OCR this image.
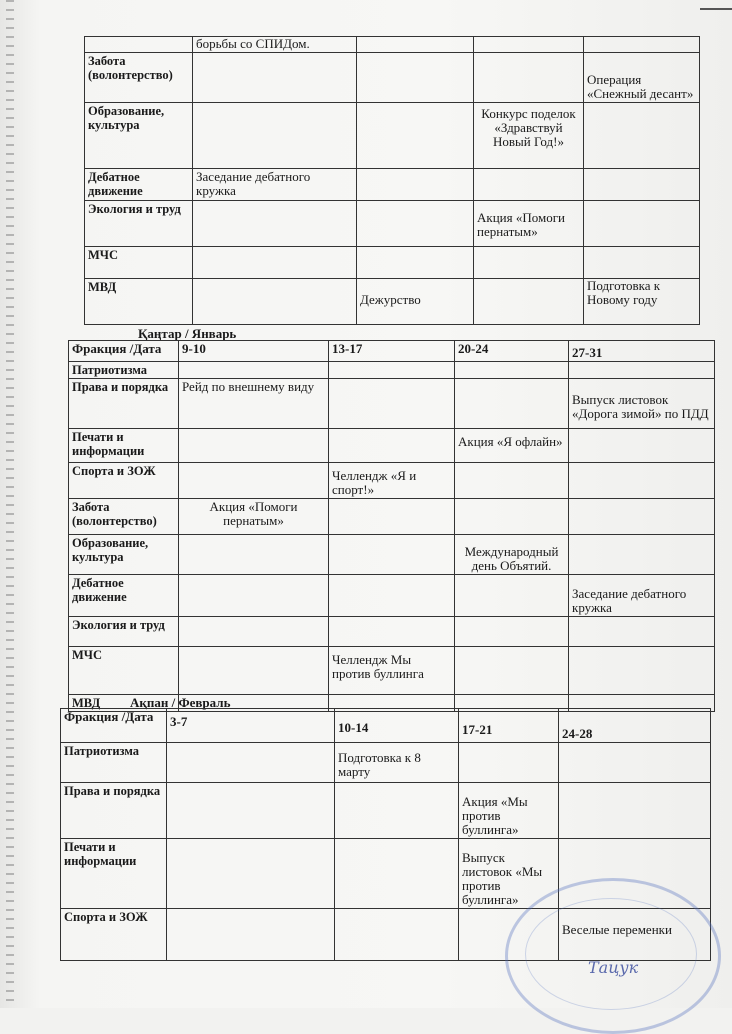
	борьбы со СПИДом.			
Забота (волонтерство)				Операция «Снежный десант»
Образование, культура			Конкурс поделок «Здравствуй Новый Год!»	
Дебатное движение	Заседание дебатного кружка			
Экология и труд			Акция «Помоги пернатым»	
МЧС				
МВД		Дежурство		Подготовка к Новому году
Қаңтар / Январь
Фракция /Дата	9-10	13-17	20-24	27-31
Патриотизма				
Права и порядка	Рейд по внешнему виду			Выпуск листовок «Дорога зимой» по ПДД
Печати и информации			Акция «Я офлайн»	
Спорта и ЗОЖ		Челлендж «Я и спорт!»		
Забота (волонтерство)	Акция «Помоги пернатым»			
Образование, культура			Международный день Объятий.	
Дебатное движение				Заседание дебатного кружка
Экология и труд				
МЧС		Челлендж Мы против буллинга		
МВД				Ақпан / Февраль
Фракция /Дата	3-7	10-14	17-21	24-28
Патриотизма		Подготовка к 8 марту		
Права и порядка			Акция «Мы против буллинга»	
Печати и информации			Выпуск листовок «Мы против буллинга»	
Спорта и ЗОЖ				Веселые переменки
Тацук
